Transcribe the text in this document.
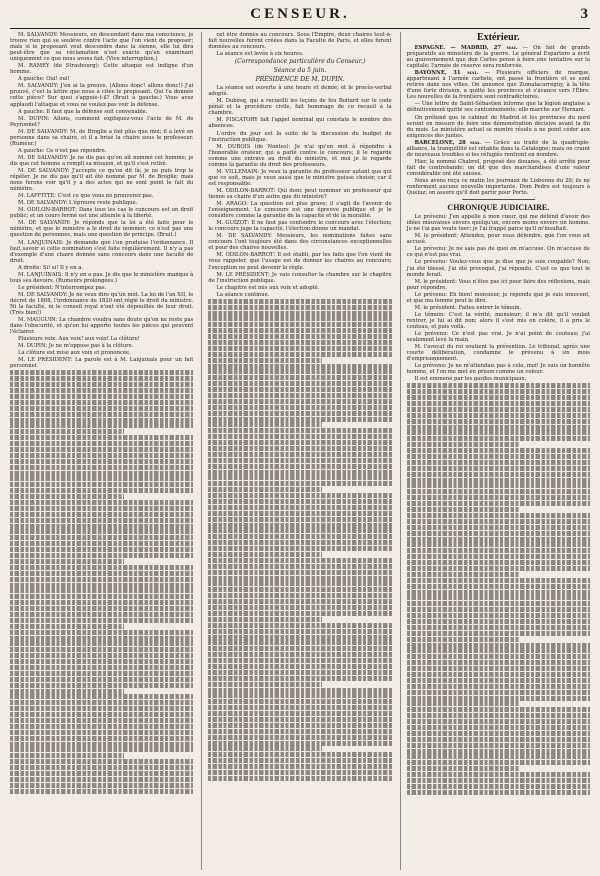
CENSEUR.	3

M. SALVANDY: Messieurs, en descendant dans ma conscience, je trouve rien qui se soulève contre l'acte que l'on vient de proposer; mais si le proposant veut descendre dans la sienne, elle lui dira peut-être que sa réclamation n'est exacte qu'en examinant uniquement ce que nous avons fait. (Vive interruption.)

M. RAMEY (de Strasbourg): Cette attaque est indigne d'un homme.

A gauche: Oui! oui!

M. SALVANDY: J'en ai la preuve. (Allons donc! allons donc!) J'ai prouvé, c'est la lettre que nous a citée le proposant. Qui l'a donnée cette pièce? Sur quoi s'appuie-t-il? (Bruit à gauche.) Vous avez applaudi l'attaque et vous ne voulez pas voir la défense.

A gauche: Il faut que la défense soit convenable.

M. DUPIN: Allons, comment expliquez-vous l'acte de M. de Peyronnet?

M. DE SALVANDY: M. de Broglie a fait plus que moi; il a levé en personne dans sa chaire, et il a brisé la chaire sous le professeur. (Rumeur.)

A gauche: Ce n'est pas répondre.

M. DE SALVANDY: Je ne dis pas qu'on ait nommé cet homme; je dis que cet homme a rempli sa mission, et qu'il s'est retiré.

M. DE SALVANDY: J'accepte ce qu'on dit là; je ne puis trop le répéter. Je ne dis pas qu'il ait été nommé par M. de Broglie; mais nous ferons voir qu'il y a des actes qui ne sont point le fait du ministre.

M. LAFFITTE: C'est ce que vous ne prouverez pas.

M. DE SALVANDY: L'épreuve reste publique.

M. ODILON-BARROT: Dans tous les cas le concours est un droit public; et un cours fermé est une atteinte à la liberté.

M. DE SALVANDY: Je réponds que la loi a été faite pour le ministre, et que le ministre a le droit de nommer; ce n'est pas une question de personnes, mais une question de principe. (Bruit.)

M. LANJUINAIS: Je demande que l'on produise l'ordonnance. Il faut savoir si cette nomination s'est faite régulièrement. Il n'y a pas d'exemple d'une chaire donnée sans concours dans une faculté de droit.

A droite: Si! si! Il y en a.

M. LANJUINAIS: Il n'y en a pas. Je dis que le ministère manque à tous ses devoirs. (Rumeurs prolongées.)

Le président: N'interrompez pas.

M. DE SALVANDY: Je ne veux dire qu'un mot. La loi de l'an XII, le décret de 1808, l'ordonnance de 1820 ont réglé le droit du ministre. Ni la faculté, ni le conseil royal n'ont été dépouillés de leur droit. (Très bien!)

M. MAUGUIN: La chambre voudra sans doute qu'on ne reste pas dans l'obscurité, et qu'on lui apporte toutes les pièces qui peuvent l'éclairer.

Plusieurs voix: Aux voix! aux voix! La clôture!

M. DUPIN: Je ne m'oppose pas à la clôture.

La clôture est mise aux voix et prononcée.

M. LE PRÉSIDENT: La parole est à M. Lanjuinais pour un fait personnel.

cet être donnés au concours. Sous l'Empire, deux chaires tout-à-fait nouvelles furent créées dans la Faculté de Paris, et elles furent données au concours.

La séance est levée à six heures.

(Correspondance particulière du Censeur.)

Séance du 5 juin.

PRÉSIDENCE DE M. DUPIN.

La séance est ouverte à une heure et demie, et le procès-verbal adopté.

M. Dubosq, qui a recueilli les leçons de feu Boitard sur le code pénal et la procédure civile, fait hommage de ce recueil à la chambre.

M. PISCATORY fait l'appel nominal qui constate le nombre des absences.

L'ordre du jour est la suite de la discussion du budget de l'instruction publique.

M. DUBOIS (de Nantes): Je n'ai qu'un mot à répondre à l'honorable orateur, qui a parlé contre le concours; il le regarde comme une entrave au droit du ministre, et moi je le regarde comme la garantie du droit des professeurs.

M. VILLEMAIN: Je veux la garantie du professeur autant que qui que ce soit, mais je veux aussi que le ministre puisse choisir, car il est responsable.

M. ODILON-BARROT: Qui donc peut nommer un professeur qui tienne sa chaire d'un autre que du ministre?

M. ARAGO: La question est plus grave; il s'agit de l'avenir de l'enseignement. Le concours est une épreuve publique et je le considère comme la garantie de la capacité et de la moralité.

M. GUIZOT: Il ne faut pas confondre le concours avec l'élection; le concours juge la capacité, l'élection donne un mandat.

M. DE SALVANDY: Messieurs, les nominations faites sans concours l'ont toujours été dans des circonstances exceptionnelles et pour des chaires nouvelles.

M. ODILON-BARROT: Il est établi, par les faits que l'on vient de vous rappeler, que l'usage est de donner les chaires au concours; l'exception ne peut devenir la règle.

M. LE PRÉSIDENT: Je vais consulter la chambre sur le chapitre de l'instruction publique.

Le chapitre est mis aux voix et adopté.

La séance continue.

Extérieur.

ESPAGNE. — MADRID, 27 mai. — On fait de grands préparatifs au ministère de la guerre. Le général Espartero a écrit au gouvernement que don Carlos pense à faire une tentative sur la capitale; l'armée de réserve sera renforcée.

BAYONNE, 31 mai. — Plusieurs officiers de marque, appartenant à l'armée carliste, ont passé la frontière et se sont retirés dans nos villes. On annonce que Zumalacarreguy, à la tête d'une forte division, a quitté les provinces et s'avance vers l'Èbre. Les nouvelles de la frontière sont contradictoires.

— Une lettre de Saint-Sébastien informe que la légion anglaise a définitivement quitté ses cantonnements; elle marche sur Hernani.

On prétend que le cabinet de Madrid et les provinces du nord seront en mesure de faire une démonstration décisive avant la fin du mois. Le ministère actuel se montre résolu à ne point céder aux exigences des juntes.

BARCELONE, 28 mai. — Grâce au traité de la quadruple-alliance, la tranquillité est rétablie dans la Catalogne; mais on craint de nouveaux troubles si les réfugiés rentrent en nombre.

Hier, le nommé Chabrol, proposé des douanes, a été arrêté pour fait de contrebande; on dit que des marchandises d'une valeur considérable ont été saisies.

Nous avons reçu ce matin les journaux de Lisbonne du 20; ils ne renferment aucune nouvelle importante. Dom Pedro est toujours à Queluz; on assure qu'il doit partir pour Porto.

CHRONIQUE JUDICIAIRE.

Le prévenu: J'en appelle à mon cœur, qui me défend d'avoir des idées mauvaises envers quelqu'un, encore moins envers un homme. Je ne l'ai pas voulu tuer; je l'ai frappé parce qu'il m'insultait.

M. le président: Attendez, pour vous défendre, que l'on vous ait accusé.

Le prévenu: Je ne sais pas de quoi on m'accuse. On m'accuse de ce qui n'est pas vrai.

Le prévenu: Voulez-vous que je dise que je suis coupable? Non; j'ai été blessé, j'ai été provoqué, j'ai répondu. C'est ce que tout le monde ferait.

M. le président: Vous n'êtes pas ici pour faire des réflexions, mais pour répondre.

Le prévenu: Eh bien! monsieur, je réponds que je suis innocent, et que ma femme peut le dire.

M. le président: Faites entrer le témoin.

Le témoin: C'est la vérité, monsieur; il m'a dit qu'il voulait rentrer, je lui ai dit non; alors il s'est mis en colère, il a pris le couteau, et puis voilà.

Le prévenu: Ce n'est pas vrai. Je n'ai point de couteau; j'ai seulement levé la main.

M. l'avocat du roi soutient la prévention. Le tribunal, après une courte délibération, condamne le prévenu à six mois d'emprisonnement.

Le prévenu: Je ne m'attendais pas à cela, moi! Je suis un honnête homme, et l'on me met en prison comme un voleur.

Il est emmené par les gardes municipaux.
